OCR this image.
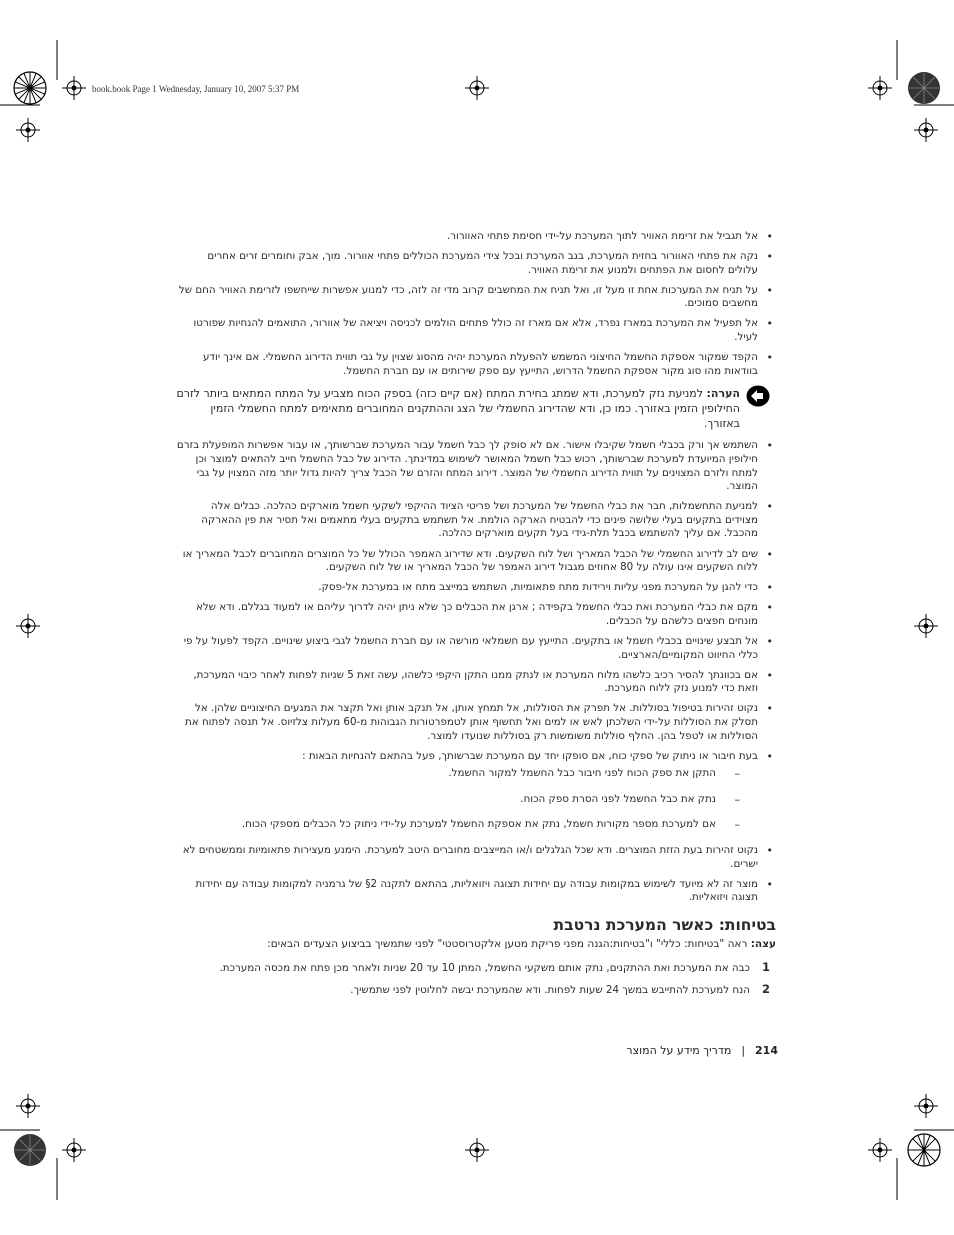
book.book Page 1 Wednesday, January 10, 2007 5:37 PM
• אל תגביל את זרימת האוויר לתוך המערכת על-ידי חסימת פתחי האוורור.
• נקה את פתחי האוורור בחזית המערכת, בגב המערכת ובכל צידי המערכת הכוללים פתחי אוורור. מוך, אבק וחומרים זרים אחרים עלולים לחסום את הפתחים ולמנוע את זרימת האוויר.
• על תניח את המערכות אחת זו מעל זו, ואל תניח את המחשבים קרוב מדי זה לזה, כדי למנוע אפשרות שייחשפו לזרימת האוויר החם של מחשבים סמוכים.
• אל תפעיל את המערכת במארז נפרד, אלא אם מארז זה כולל פתחים הולמים לכניסה ויציאה של אוורור, התואמים להנחיות שפורטו לעיל.
• הקפד שמקור אספקת החשמל החיצוני המשמש להפעלת המערכת יהיה מהסוג שצוין על גבי תווית הדירוג החשמלי. אם אינך יודע בוודאות מהו סוג מקור אספקת החשמל הדרוש, התייעץ עם ספק שירותים או עם חברת החשמל.
הערה: למניעת נזק למערכת, ודא שמתג בחירת המתח (אם קיים כזה) בספק הכוח מצביע על המתח המתאים ביותר לזרם החילופין הזמין באזורך. כמו כן, ודא שהדירוג החשמלי של הצג וההתקנים המחוברים מתאימים למתח החשמלי הזמין באזורך.
• השתמש אך ורק בכבלי חשמל שקיבלו אישור. אם לא סופק לך כבל חשמל עבור המערכת שברשותך, או עבור אפשרות המופעלת בזרם חילופין המיועדת למערכת שברשותך, רכוש כבל חשמל המאושר לשימוש במדינתך. הדירוג של כבל החשמל חייב להתאים למוצר וכן למתח ולזרם המצוינים על תווית הדירוג החשמלי של המוצר. דירוג המתח והזרם של הכבל צריך להיות גדול יותר מזה המצוין על גבי המוצר.
• למניעת התחשמלות, חבר את כבלי החשמל של המערכת ושל פריטי הציוד ההיקפי לשקעי חשמל מוארקים כהלכה. כבלים אלה מצוידים בתקעים בעלי שלושה פינים כדי להבטיח הארקה הולמת. אל תשתמש בתקעים בעלי מתאמים ואל תסיר את פין ההארקה מהכבל. אם עליך להשתמש בכבל תלת-גידי בעל תקעים מוארקים כהלכה.
• שים לב לדירוג החשמלי של הכבל המאריך ושל לוח השקעים. ודא שדירוג האמפר הכולל של כל המוצרים המחוברים לכבל המאריך או ללוח השקעים אינו עולה על 80 אחוזים מגבול דירוג האמפר של הכבל המאריך או של לוח השקעים.
• כדי להגן על המערכת מפני עליות וירידות מתח פתאומיות, השתמש במייצב מתח או במערכת אל-פסק.
• מקם את כבלי המערכת ואת כבלי החשמל בקפידה ; ארגן את הכבלים כך שלא ניתן יהיה לדרוך עליהם או למעוד בגללם. ודא שלא מונחים חפצים כלשהם על הכבלים.
• אל תבצע שינויים בכבלי חשמל או בתקעים. התייעץ עם חשמלאי מורשה או עם חברת החשמל לגבי ביצוע שינויים. הקפד לפעול על פי כללי החיווט המקומיים/הארציים.
• אם בכוונתך להסיר רכיב כלשהו מלוח המערכת או לנתק ממנו התקן היקפי כלשהו, עשה זאת 5 שניות לפחות לאחר כיבוי המערכת, וזאת כדי למנוע נזק ללוח המערכת.
• נקוט זהירות בטיפול בסוללות. אל תפרק את הסוללות, אל תמחץ אותן, אל תנקב אותן ואל תקצר את המגעים החיצוניים שלהן. אל תסלק את הסוללות על-ידי השלכתן לאש או למים ואל תחשוף אותן לטמפרטורות הגבוהות מ-60 מעלות צלזיוס. אל תנסה לפתוח את הסוללות או לטפל בהן. החלף סוללות משומשות רק בסוללות שנועדו למוצר.
• בעת חיבור או ניתוק של ספקי כוח, אם סופקו יחד עם המערכת שברשותך, פעל בהתאם להנחיות הבאות :
– התקן את ספק הכוח לפני חיבור כבל החשמל למקור החשמל.
– נתק את כבל החשמל לפני הסרת ספק הכוח.
– אם למערכת מספר מקורות חשמל, נתק את אספקת החשמל למערכת על-ידי ניתוק כל הכבלים מספקי הכוח.
• נקוט זהירות בעת הזזת המוצרים. ודא שכל הגלגלים ו/או המייצבים מחוברים היטב למערכת. הימנע מעצירות פתאומיות וממשטחים לא ישרים.
• מוצר זה לא מיועד לשימוש במקומות עבודה עם יחידות תצוגה ויזואליות, בהתאם לתקנה 2§ של גרמניה למקומות עבודה עם יחידות תצוגה ויזואליות.
בטיחות: כאשר המערכת נרטבת
עצה: ראה "בטיחות: כללי" ו"בטיחות:הגנה מפני פריקת מטען אלקטרוסטטי" לפני שתמשיך בביצוע הצעדים הבאים:
1
כבה את המערכת ואת ההתקנים, נתק אותם משקעי החשמל, המתן 10 עד 20 שניות ולאחר מכן פתח את מכסה המערכת.
2
הנח למערכת להתייבש במשך 24 שעות לפחות. ודא שהמערכת יבשה לחלוטין לפני שתמשיך.
214|מדריך מידע על המוצר
